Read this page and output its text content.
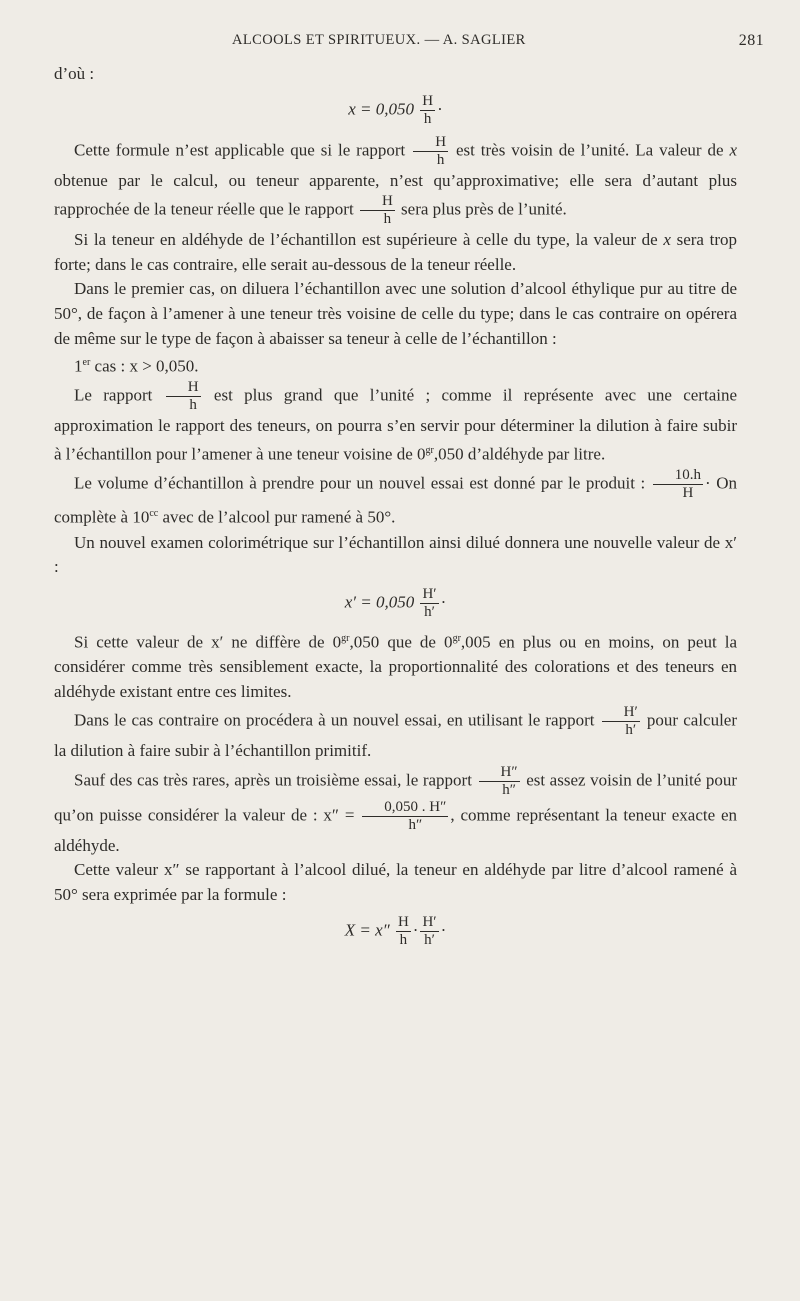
ALCOOLS ET SPIRITUEUX. — A. SAGLIER	281

d’où :

$x = 0,050 \frac{H}{h}$ ·

Cette formule n’est applicable que si le rapport $\frac{H}{h}$ est très voisin de l’unité. La valeur de x obtenue par le calcul, ou teneur apparente, n’est qu’approximative; elle sera d’autant plus rapprochée de la teneur réelle que le rapport $\frac{H}{h}$ sera plus près de l’unité.

Si la teneur en aldéhyde de l’échantillon est supérieure à celle du type, la valeur de x sera trop forte; dans le cas contraire, elle serait au-dessous de la teneur réelle.

Dans le premier cas, on diluera l’échantillon avec une solution d’alcool éthylique pur au titre de 50°, de façon à l’amener à une teneur très voisine de celle du type; dans le cas contraire on opérera de même sur le type de façon à abaisser sa teneur à celle de l’échantillon :

1er cas : x > 0,050.

Le rapport $\frac{H}{h}$ est plus grand que l’unité ; comme il représente avec une certaine approximation le rapport des teneurs, on pourra s’en servir pour déterminer la dilution à faire subir à l’échantillon pour l’amener à une teneur voisine de $0^{gr},050$ d’aldéhyde par litre.

Le volume d’échantillon à prendre pour un nouvel essai est donné par le produit : $\frac{10.h}{H} \cdot On$ complète à $10^{cc}$ avec de l’alcool pur ramené à 50°.

Un nouvel examen colorimétrique sur l’échantillon ainsi dilué donnera une nouvelle valeur de x′ :

$x' = 0,050 \frac{H'}{h'}$ ·

Si cette valeur de x′ ne diffère de $0^{gr},050$ que de $0^{gr},005$ en plus ou en moins, on peut la considérer comme très sensiblement exacte, la proportionnalité des colorations et des teneurs en aldéhyde existant entre ces limites.

Dans le cas contraire on procédera à un nouvel essai, en utilisant le rapport $\frac{H'}{h'}$ pour calculer la dilution à faire subir à l’échantillon primitif.

Sauf des cas très rares, après un troisième essai, le rapport $\frac{H''}{h''}$ est assez voisin de l’unité pour qu’on puisse considérer la valeur de : $x'' = \frac{0,050 . H''}{h''}$ , comme représentant la teneur exacte en aldéhyde.

Cette valeur x″ se rapportant à l’alcool dilué, la teneur en aldéhyde par litre d’alcool ramené à 50° sera exprimée par la formule :

$X = x'' \frac{H}{h} \cdot \frac{H'}{h'}$ ·
